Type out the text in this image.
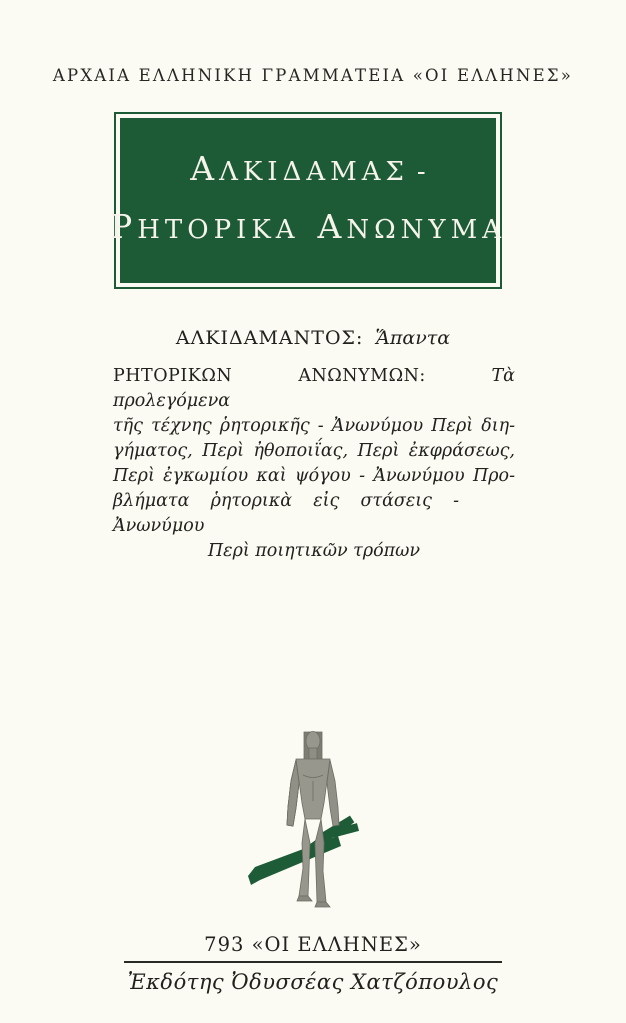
ΑΡΧΑΙΑ ΕΛΛΗΝΙΚΗ ΓΡΑΜΜΑΤΕΙΑ «ΟΙ ΕΛΛΗΝΕΣ»
ΑΛΚΙΔΑΜΑΣ -
ΡΗΤΟΡΙΚΑ ΑΝΩΝΥΜΑ
ΑΛΚΙΔΑΜΑΝΤΟΣ: Ἅπαντα
ΡΗΤΟΡΙΚΩΝ ΑΝΩΝΥΜΩΝ:	Τὰ προλεγόμενα
τῆς τέχνης ῥητορικῆς - Ἀνωνύμου Περὶ διη-
γήματος, Περὶ ἠθοποιΐας, Περὶ ἐκφράσεως,
Περὶ ἐγκωμίου καὶ ψόγου - Ἀνωνύμου Προ-
βλήματα ῥητορικὰ εἰς στάσεις - Ἀνωνύμου
Περὶ ποιητικῶν τρόπων
793 «ΟΙ ΕΛΛΗΝΕΣ»
Ἐκδότης Ὀδυσσέας Χατζόπουλος
